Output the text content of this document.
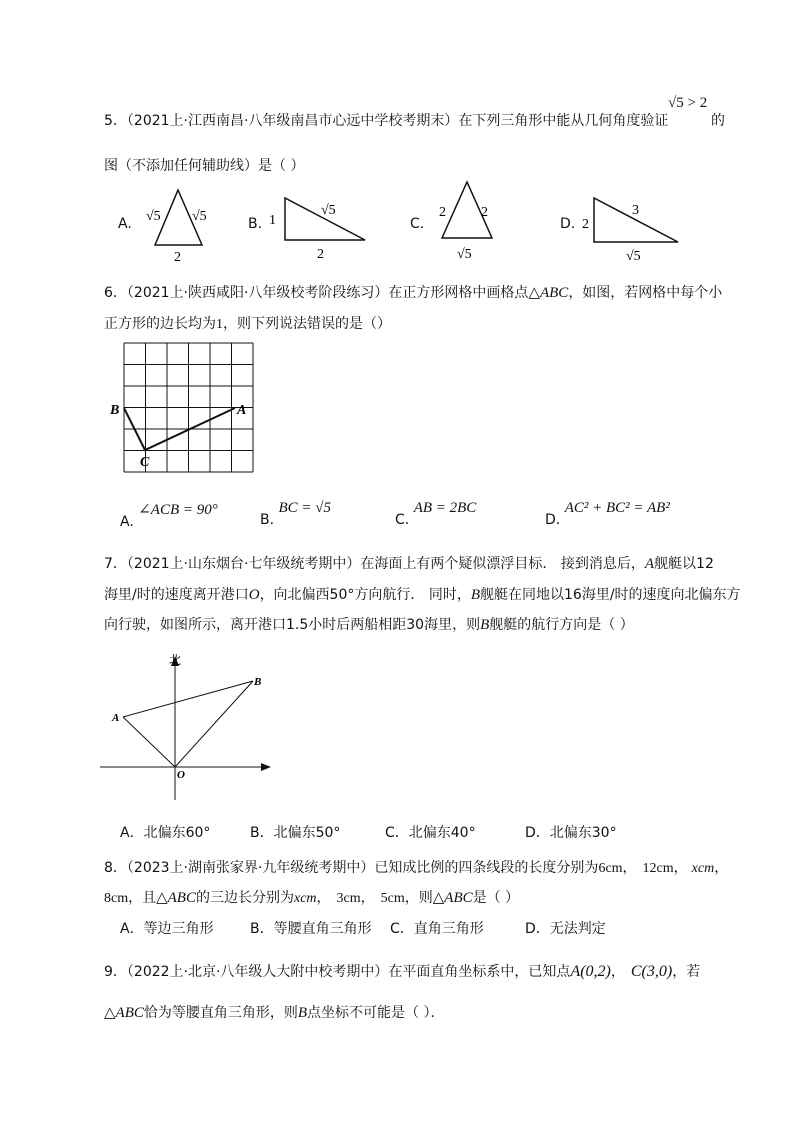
5．（2021上·江西南昌·八年级南昌市心远中学校考期末）在下列三角形中能从几何角度验证
√5 > 2
的
图（不添加任何辅助线）是（ ）
A. √5 √5
2
B. 1
√5
2
C.
2	2
√5
D. 2
3
√5
6．（2021上·陕西咸阳·八年级校考阶段练习）在正方形网格中画格点△ABC，如图，若网格中每个小
正方形的边长均为1，则下列说法错误的是（）
B	A
C
A. ∠ACB = 90°
B. BC = √5
C. AB = 2BC
D. AC² + BC² = AB²
7．（2021上·山东烟台·七年级统考期中）在海面上有两个疑似漂浮目标． 接到消息后，A舰艇以12
海里/时的速度离开港口O，向北偏西50°方向航行． 同时，B舰艇在同地以16海里/时的速度向北偏东方
向行驶，如图所示，离开港口1.5小时后两船相距30海里，则B舰艇的航行方向是（ ）
北
A
B
O
A．北偏东60°	B．北偏东50°	C．北偏东40°	D．北偏东30°
8．（2023上·湖南张家界·九年级统考期中）已知成比例的四条线段的长度分别为6cm， 12cm， xcm，
8cm，且△ABC的三边长分别为xcm， 3cm， 5cm，则△ABC是（ ）
A．等边三角形	B．等腰直角三角形 C．直角三角形	D．无法判定
9．（2022上·北京·八年级人大附中校考期中）在平面直角坐标系中，已知点A(0,2)， C(3,0)，若
△ABC恰为等腰直角三角形，则B点坐标不可能是（ ）．
